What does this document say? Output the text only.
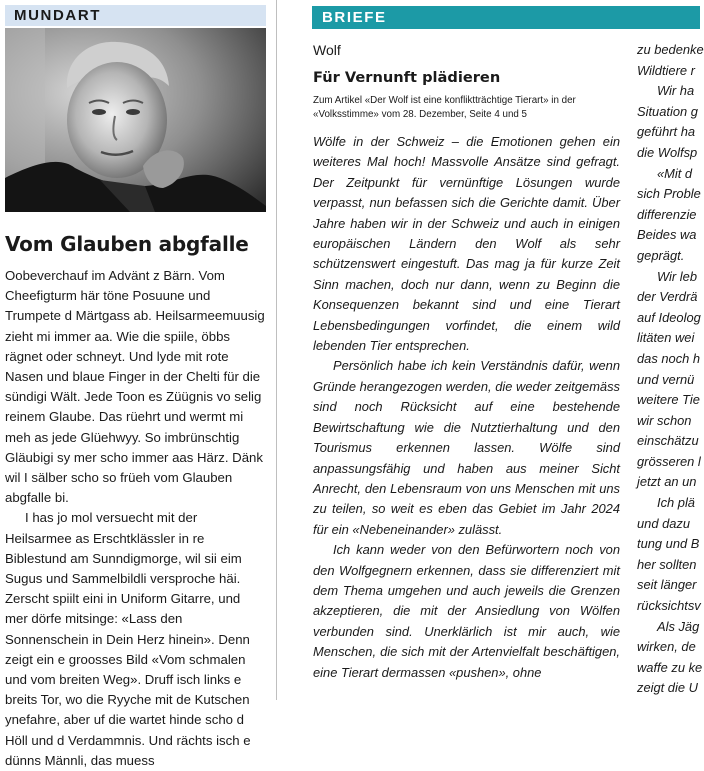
MUNDART
Vom Glauben abgfalle

Oobeverchauf im Advänt z Bärn. Vom Cheefigturm här töne Posuune und Trumpete d Märtgass ab. Heilsarmeemuusig zieht mi immer aa. Wie die spiile, öbbs rägnet oder schneyt. Und lyde mit rote Nasen und blaue Finger in der Chelti für die sündigi Wält. Jede Toon es Züügnis vo selig reinem Glaube. Das rüehrt und wermt mi meh as jede Glüehwyy. So imbrünschtig Gläubigi sy mer scho immer aas Härz. Dänk wil I sälber scho so früeh vom Glauben abgfalle bi.

I has jo mol versuecht mit der Heilsarmee as Erschtklässler in re Biblestund am Sunndigmorge, wil sii eim Sugus und Sammelbildli versproche häi. Zerscht spiilt eini in Uniform Gitarre, und mer dörfe mitsinge: «Lass den Sonnenschein in Dein Herz hinein». Denn zeigt ein e groosses Bild «Vom schmalen und vom breiten Weg». Druff isch links e breits Tor, wo die Ryyche mit de Kutschen ynefahre, aber uf die wartet hinde scho d Höll und d Verdammnis. Und rächts isch e dünns Männli, das muess

BRIEFE
Wolf
Für Vernunft plädieren
Zum Artikel «Der Wolf ist eine konfliktträchtige Tierart» in der «Volksstimme» vom 28. Dezember, Seite 4 und 5

Wölfe in der Schweiz – die Emotionen gehen ein weiteres Mal hoch! Massvolle Ansätze sind gefragt. Der Zeitpunkt für vernünftige Lösungen wurde verpasst, nun befassen sich die Gerichte damit. Über Jahre haben wir in der Schweiz und auch in einigen europäischen Ländern den Wolf als sehr schützenswert eingestuft. Das mag ja für kurze Zeit Sinn machen, doch nur dann, wenn zu Beginn die Konsequenzen bekannt sind und eine Tierart Lebensbedingungen vorfindet, die einem wild lebenden Tier entsprechen.

Persönlich habe ich kein Verständnis dafür, wenn Gründe herangezogen werden, die weder zeitgemäss sind noch Rücksicht auf eine bestehende Bewirtschaftung wie die Nutztierhaltung und den Tourismus erkennen lassen. Wölfe sind anpassungsfähig und haben aus meiner Sicht Anrecht, den Lebensraum von uns Menschen mit uns zu teilen, so weit es eben das Gebiet im Jahr 2024 für ein «Nebeneinander» zulässt.

Ich kann weder von den Befürwortern noch von den Wolfgegnern erkennen, dass sie differenziert mit dem Thema umgehen und auch jeweils die Grenzen akzeptieren, die mit der Ansiedlung von Wölfen verbunden sind. Unerklärlich ist mir auch, wie Menschen, die sich mit der Artenvielfalt beschäftigen, eine Tierart dermassen «pushen», ohne

zu bedenke
Wildtiere r
Wir ha
Situation g
geführt ha
die Wolfsp
«Mit d
sich Proble
differenzie
Beides wa
geprägt.
Wir leb
der Verdrä
auf Ideolog
litäten wei
das noch h
und vernü
weitere Tie
wir schon
einschätzu
grösseren l
jetzt an un
Ich plä
und dazu
tung und B
her sollten
seit länger
rücksichtsv
Als Jäg
wirken, de
waffe zu ke
zeigt die U
